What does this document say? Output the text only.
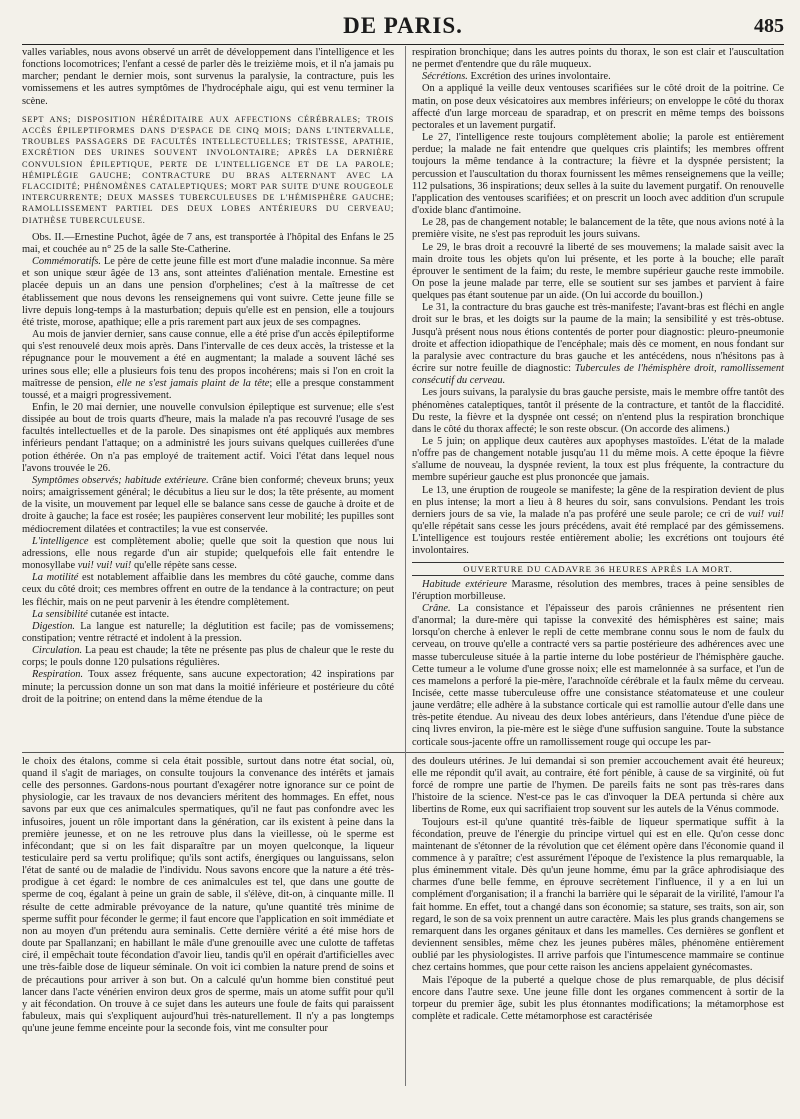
DE PARIS.	485

valles variables, nous avons observé un arrêt de développement dans l'intelligence et les fonctions locomotrices; l'enfant a cessé de parler dès le treizième mois, et il n'a jamais pu marcher; pendant le dernier mois, sont survenus la paralysie, la contracture, puis les vomissemens et les autres symptômes de l'hydrocéphale aigu, qui est venu terminer la scène.

SEPT ANS; DISPOSITION HÉRÉDITAIRE AUX AFFECTIONS CÉRÉBRALES; TROIS ACCÈS ÉPILEPTIFORMES DANS D'ESPACE DE CINQ MOIS; DANS L'INTERVALLE, TROUBLES PASSAGERS DE FACULTÉS INTELLECTUELLES; TRISTESSE, APATHIE, EXCRÉTION DES URINES SOUVENT INVOLONTAIRE; APRÈS LA DERNIÈRE CONVULSION ÉPILEPTIQUE, PERTE DE L'INTELLIGENCE ET DE LA PAROLE; HÉMIPLÉGIE GAUCHE; CONTRACTURE DU BRAS ALTERNANT AVEC LA FLACCIDITÉ; PHÉNOMÈNES CATALEPTIQUES; MORT PAR SUITE D'UNE ROUGEOLE INTERCURRENTE; DEUX MASSES TUBERCULEUSES DE L'HÉMISPHÈRE GAUCHE; RAMOLLISSEMENT PARTIEL DES DEUX LOBES ANTÉRIEURS DU CERVEAU; DIATHÈSE TUBERCULEUSE.

Obs. II.—Ernestine Puchot, âgée de 7 ans, est transportée à l'hôpital des Enfans le 25 mai, et couchée au n° 25 de la salle Ste-Catherine.

Commémoratifs. Le père de cette jeune fille est mort d'une maladie inconnue. Sa mère et son unique sœur âgée de 13 ans, sont atteintes d'aliénation mentale. Ernestine est placée depuis un an dans une pension d'orphelines; c'est à la maîtresse de cet établissement que nous devons les renseignemens qui vont suivre. Cette jeune fille se livre depuis long-temps à la masturbation; depuis qu'elle est en pension, elle a toujours été triste, morose, apathique; elle a pris rarement part aux jeux de ses compagnes.

Au mois de janvier dernier, sans cause connue, elle a été prise d'un accès épileptiforme qui s'est renouvelé deux mois après. Dans l'intervalle de ces deux accès, la tristesse et la répugnance pour le mouvement a été en augmentant; la malade a souvent lâché ses urines sous elle; elle a plusieurs fois tenu des propos incohérens; mais si l'on en croit la maîtresse de pension, elle ne s'est jamais plaint de la tête; elle a presque constamment toussé, et a maigri progressivement.

Enfin, le 20 mai dernier, une nouvelle convulsion épileptique est survenue; elle s'est dissipée au bout de trois quarts d'heure, mais la malade n'a pas recouvré l'usage de ses facultés intellectuelles et de la parole. Des sinapismes ont été appliqués aux membres inférieurs pendant l'attaque; on a administré les jours suivans quelques cuillerées d'une potion éthérée. On n'a pas employé de traitement actif. Voici l'état dans lequel nous l'avons trouvée le 26.

Symptômes observés; habitude extérieure. Crâne bien conformé; cheveux bruns; yeux noirs; amaigrissement général; le décubitus a lieu sur le dos; la tête présente, au moment de la visite, un mouvement par lequel elle se balance sans cesse de gauche à droite et de droite à gauche; la face est rosée; les paupières conservent leur mobilité; les pupilles sont médiocrement dilatées et contractiles; la vue est conservée.

L'intelligence est complètement abolie; quelle que soit la question que nous lui adressions, elle nous regarde d'un air stupide; quelquefois elle fait entendre le monosyllabe vui! vui! vui! qu'elle répète sans cesse.

La motilité est notablement affaiblie dans les membres du côté gauche, comme dans ceux du côté droit; ces membres offrent en outre de la tendance à la contracture; on peut les fléchir, mais on ne peut parvenir à les étendre complètement.

La sensibilité cutanée est intacte.

Digestion. La langue est naturelle; la déglutition est facile; pas de vomissemens; constipation; ventre rétracté et indolent à la pression.

Circulation. La peau est chaude; la tête ne présente pas plus de chaleur que le reste du corps; le pouls donne 120 pulsations régulières.

Respiration. Toux assez fréquente, sans aucune expectoration; 42 inspirations par minute; la percussion donne un son mat dans la moitié inférieure et postérieure du côté droit de la poitrine; on entend dans la même étendue de la

respiration bronchique; dans les autres points du thorax, le son est clair et l'auscultation ne permet d'entendre que du râle muqueux.

Sécrétions. Excrétion des urines involontaire.

On a appliqué la veille deux ventouses scarifiées sur le côté droit de la poitrine. Ce matin, on pose deux vésicatoires aux membres inférieurs; on enveloppe le côté du thorax affecté d'un large morceau de sparadrap, et on prescrit en même temps des boissons pectorales et un lavement purgatif.

Le 27, l'intelligence reste toujours complètement abolie; la parole est entièrement perdue; la malade ne fait entendre que quelques cris plaintifs; les membres offrent toujours la même tendance à la contracture; la fièvre et la dyspnée persistent; la percussion et l'auscultation du thorax fournissent les mêmes renseignemens que la veille; 112 pulsations, 36 inspirations; deux selles à la suite du lavement purgatif. On renouvelle l'application des ventouses scarifiées; et on prescrit un looch avec addition d'un scrupule d'oxide blanc d'antimoine.

Le 28, pas de changement notable; le balancement de la tête, que nous avions noté à la première visite, ne s'est pas reproduit les jours suivans.

Le 29, le bras droit a recouvré la liberté de ses mouvemens; la malade saisit avec la main droite tous les objets qu'on lui présente, et les porte à la bouche; elle paraît éprouver le sentiment de la faim; du reste, le membre supérieur gauche reste immobile. On pose la jeune malade par terre, elle se soutient sur ses jambes et parvient à faire quelques pas étant soutenue par un aide. (On lui accorde du bouillon.)

Le 31, la contracture du bras gauche est très-manifeste; l'avant-bras est fléchi en angle droit sur le bras, et les doigts sur la paume de la main; la sensibilité y est très-obtuse. Jusqu'à présent nous nous étions contentés de porter pour diagnostic: pleuro-pneumonie droite et affection idiopathique de l'encéphale; mais dès ce moment, en nous fondant sur la paralysie avec contracture du bras gauche et les antécédens, nous n'hésitons pas à écrire sur notre feuille de diagnostic: Tubercules de l'hémisphère droit, ramollissement consécutif du cerveau.

Les jours suivans, la paralysie du bras gauche persiste, mais le membre offre tantôt des phénomènes cataleptiques, tantôt il présente de la contracture, et tantôt de la flaccidité. Du reste, la fièvre et la dyspnée ont cessé; on n'entend plus la respiration bronchique dans le côté du thorax affecté; le son reste obscur. (On accorde des alimens.)

Le 5 juin; on applique deux cautères aux apophyses mastoïdes. L'état de la malade n'offre pas de changement notable jusqu'au 11 du même mois. A cette époque la fièvre s'allume de nouveau, la dyspnée revient, la toux est plus fréquente, la contracture du membre supérieur gauche est plus prononcée que jamais.

Le 13, une éruption de rougeole se manifeste; la gêne de la respiration devient de plus en plus intense; la mort a lieu à 8 heures du soir, sans convulsions. Pendant les trois derniers jours de sa vie, la malade n'a pas proféré une seule parole; ce cri de vui! vui! qu'elle répétait sans cesse les jours précédens, avait été remplacé par des gémissemens. L'intelligence est toujours restée entièrement abolie; les excrétions ont toujours été involontaires.

OUVERTURE DU CADAVRE 36 HEURES APRÈS LA MORT.

Habitude extérieure Marasme, résolution des membres, traces à peine sensibles de l'éruption morbilleuse.

Crâne. La consistance et l'épaisseur des parois crâniennes ne présentent rien d'anormal; la dure-mère qui tapisse la convexité des hémisphères est saine; mais lorsqu'on cherche à enlever le repli de cette membrane connu sous le nom de faulx du cerveau, on trouve qu'elle a contracté vers sa partie postérieure des adhérences avec une masse tuberculeuse située à la partie interne du lobe postérieur de l'hémisphère gauche. Cette tumeur a le volume d'une grosse noix; elle est mamelonnée à sa surface, et l'un de ces mamelons a perforé la pie-mère, l'arachnoïde cérébrale et la faulx même du cerveau. Incisée, cette masse tuberculeuse offre une consistance stéatomateuse et une couleur jaune verdâtre; elle adhère à la substance corticale qui est ramollie autour d'elle dans une très-petite étendue. Au niveau des deux lobes antérieurs, dans l'étendue d'une pièce de cinq livres environ, la pie-mère est le siège d'une suffusion sanguine. Toute la substance corticale sous-jacente offre un ramollissement rouge qui occupe les par-

le choix des étalons, comme si cela était possible, surtout dans notre état social, où, quand il s'agit de mariages, on consulte toujours la convenance des intérêts et jamais celle des personnes. Gardons-nous pourtant d'exagérer notre ignorance sur ce point de physiologie, car les travaux de nos devanciers méritent des hommages. En effet, nous savons par eux que ces animalcules spermatiques, qu'il ne faut pas confondre avec les infusoires, jouent un rôle important dans la génération, car ils existent à peine dans la première jeunesse, et on ne les retrouve plus dans la vieillesse, où le sperme est infécondant; que si on les fait disparaître par un moyen quelconque, la liqueur testiculaire perd sa vertu prolifique; qu'ils sont actifs, énergiques ou languissans, selon l'état de santé ou de maladie de l'individu. Nous savons encore que la nature a été très-prodigue à cet égard: le nombre de ces animalcules est tel, que dans une goutte de sperme de coq, égalant à peine un grain de sable, il s'élève, dit-on, à cinquante mille. Il résulte de cette admirable prévoyance de la nature, qu'une quantité très minime de sperme suffit pour féconder le germe; il faut encore que l'application en soit immédiate et non au moyen d'un prétendu aura seminalis. Cette dernière vérité a été mise hors de doute par Spallanzani; en habillant le mâle d'une grenouille avec une culotte de taffetas ciré, il empêchait toute fécondation d'avoir lieu, tandis qu'il en opérait d'artificielles avec une très-faible dose de liqueur séminale. On voit ici combien la nature prend de soins et de précautions pour arriver à son but. On a calculé qu'un homme bien constitué peut lancer dans l'acte vénérien environ deux gros de sperme, mais un atome suffit pour qu'il y ait fécondation. On trouve à ce sujet dans les auteurs une foule de faits qui paraissent fabuleux, mais qui s'expliquent aujourd'hui très-naturellement. Il n'y a pas longtemps qu'une jeune femme enceinte pour la seconde fois, vint me consulter pour

des douleurs utérines. Je lui demandai si son premier accouchement avait été heureux; elle me répondit qu'il avait, au contraire, été fort pénible, à cause de sa virginité, où fut forcé de rompre une partie de l'hymen. De pareils faits ne sont pas très-rares dans l'histoire de la science. N'est-ce pas le cas d'invoquer la DEA pertunda si chère aux libertins de Rome, eux qui sacrifiaient trop souvent sur les autels de la Vénus commode.

Toujours est-il qu'une quantité très-faible de liqueur spermatique suffit à la fécondation, preuve de l'énergie du principe virtuel qui est en elle. Qu'on cesse donc maintenant de s'étonner de la révolution que cet élément opère dans l'économie quand il commence à y paraître; c'est assurément l'époque de l'existence la plus remarquable, la plus éminemment vitale. Dès qu'un jeune homme, ému par la grâce aphrodisiaque des charmes d'une belle femme, en éprouve secrètement l'influence, il y a en lui un complément d'organisation; il a franchi la barrière qui le séparait de la virilité, l'amour l'a fait homme. En effet, tout a changé dans son économie; sa stature, ses traits, son air, son regard, le son de sa voix prennent un autre caractère. Mais les plus grands changemens se remarquent dans les organes génitaux et dans les mamelles. Ces dernières se gonflent et deviennent sensibles, même chez les jeunes pubères mâles, phénomène entièrement oublié par les physiologistes. Il arrive parfois que l'intumescence mammaire se continue chez certains hommes, que pour cette raison les anciens appelaient gynécomastes.

Mais l'époque de la puberté a quelque chose de plus remarquable, de plus décisif encore dans l'autre sexe. Une jeune fille dont les organes commencent à sortir de la torpeur du premier âge, subit les plus étonnantes modifications; la métamorphose est complète et radicale. Cette métamorphose est caractérisée
